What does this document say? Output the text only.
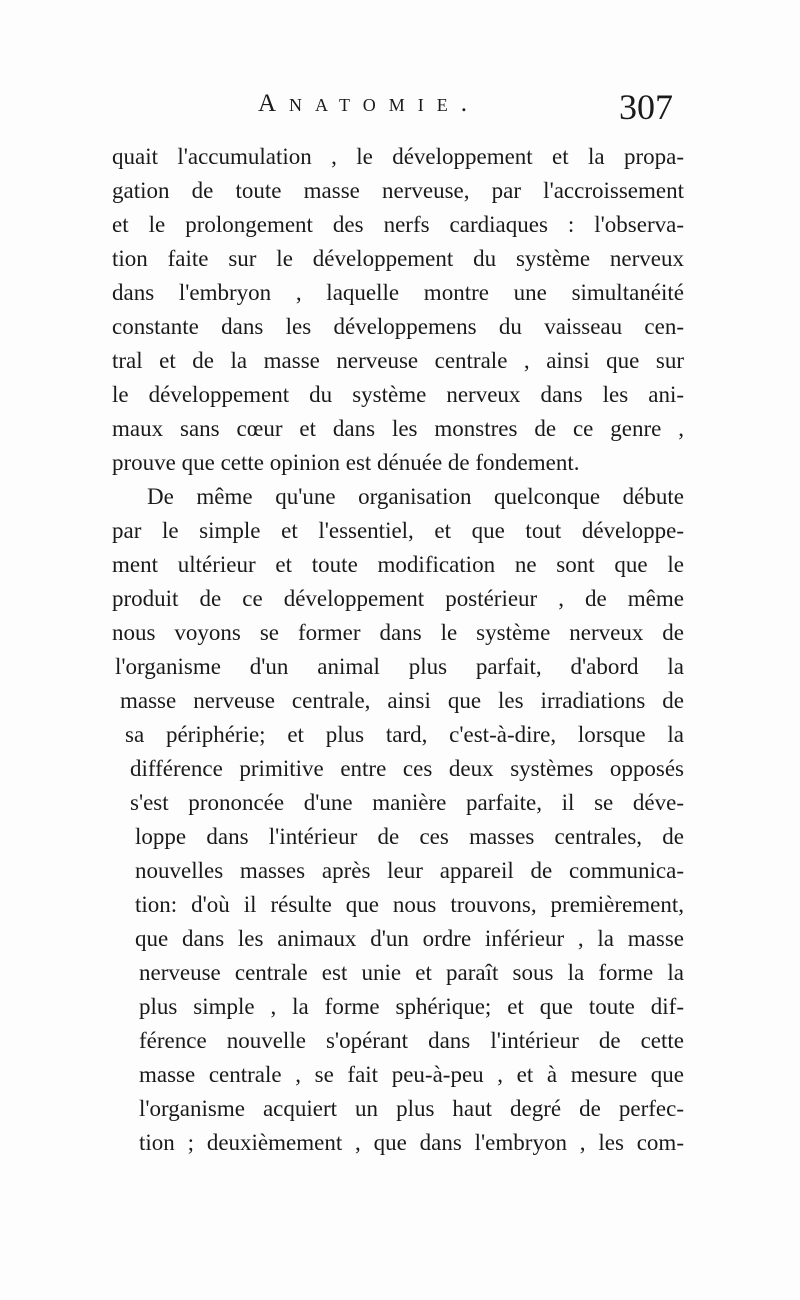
Anatomie.	307
quait l'accumulation , le développement et la propa-
gation de toute masse nerveuse, par l'accroissement
et le prolongement des nerfs cardiaques : l'observa-
tion faite sur le développement du système nerveux
dans l'embryon , laquelle montre une simultanéité
constante dans les développemens du vaisseau cen-
tral et de la masse nerveuse centrale , ainsi que sur
le développement du système nerveux dans les ani-
maux sans cœur et dans les monstres de ce genre ,
prouve que cette opinion est dénuée de fondement.
De même qu'une organisation quelconque débute
par le simple et l'essentiel, et que tout développe-
ment ultérieur et toute modification ne sont que le
produit de ce développement postérieur , de même
nous voyons se former dans le système nerveux de
l'organisme d'un animal plus parfait, d'abord la
masse nerveuse centrale, ainsi que les irradiations de
sa périphérie; et plus tard, c'est-à-dire, lorsque la
différence primitive entre ces deux systèmes opposés
s'est prononcée d'une manière parfaite, il se déve-
loppe dans l'intérieur de ces masses centrales, de
nouvelles masses après leur appareil de communica-
tion: d'où il résulte que nous trouvons, premièrement,
que dans les animaux d'un ordre inférieur , la masse
nerveuse centrale est unie et paraît sous la forme la
plus simple , la forme sphérique; et que toute dif-
férence nouvelle s'opérant dans l'intérieur de cette
masse centrale , se fait peu-à-peu , et à mesure que
l'organisme acquiert un plus haut degré de perfec-
tion ; deuxièmement , que dans l'embryon , les com-
